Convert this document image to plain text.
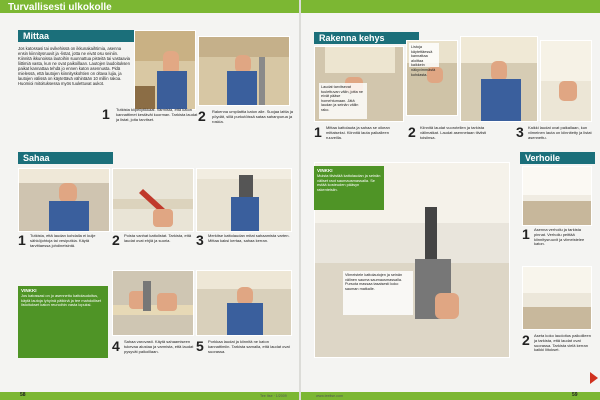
Turvallisesti ulkokolle
Mittaa
Jos katossasi tai ovikehissä on ikkunakaihtimia, asenna ensin kiinnitysruuvit ja -listat, jotta ne eivät osu seiniin. Kiinnitä ikkunoissa lautoihin suunnattua pisteitä tai vastaavia liittimiä vasta, kun ne ovat paikoillaan. Lautojen laudoituksen paikat kannattaa tehdä jo ennen katon asennusta. Pidä mielessä, että lautojen kiinnityskohtien on oltava lujia, ja lautojen välissä on käytettävä vähintään 10 millin rakoa. Huomioi mitoituksessa myös tuulettuvat aukot.
1 Tutkista kiipeilytikkaat. Varmista, että katon kannattimet kestävät kuorman. Tarkista laudat ja listat, joita tarvitset.	2 Rakenna umpilattia katon alle. Suojaa lattia ja pöydät, sillä purkutöissä sataa sahanpurua ja roskia.
Sahaa
1 Tutkista, että laudan kohdalla ei kulje sähköjohtoja tai vesiputkia. Käytä tarvittaessa johdinetsintä.	2 Poista vanhat kattolistat. Tarkista, että laudat ovat ehjiä ja suoria.	3 Merkitse kattolaudan mitat sahaamista varten. Mittaa kaksi kertaa, sahaa kerran.
VINKKI
Jos katossasi on jo asennettu kattolaudoitus, käytä lautoja lyhyinä pätkinä ja tee mahdolliset listoitukset katon reunoihin vasta lopuksi.
4 Sahaa varovasti. Käytä sahaamiseen tukevaa alustaa ja varmista, että laudat pysyvät paikoillaan.	5 Porkkaa laudat ja kiinnitä ne katon kannattimiin. Tarkista samalla, että laudat ovat suorassa.
Tee Itse · 1/2009
58
Rakenna kehys
Laudat tarvitsevat tuulettuvan välin, jotta ne eivät pääse homehtumaan. Jätä laudan ja seinän väliin rako.
Listoja käytettäessä kannattaa aloittaa kaikkein näkyvimmästä kohdasta.
1 Mittaa kattolauta ja sahaa se oikean mittaiseksi. Kiinnitä lauta paikalleen ruuveilla.	2 Kiinnitä laudat vuorotellen ja tarkista välimatkat. Laudat asennetaan tiiviisti toisiinsa.	3 Kaikki laudat ovat paikallaan, kun viimeinen lauta on kiinnitetty ja listat asennettu.
Viimeistele kattolautojen ja seinän välinen sauma saumausmassalla. Pursota massaa tasaisesti koko sauman matkalle.
VINKKI
Muista tiivistää kattolaudan ja seinän väliset raot saumausmassalla. Se estää kosteuden pääsyn rakenteisiin.
Verhoile
1 Asenna verhoilu ja tarkista pinnat. Verhoilu peittää kiinnitysruuvit ja viimeistelee katon.
2 Aseta koko laudoitus paikoilleen ja tarkista, että laudat ovat suorassa. Tarkista vielä kerran kaikki liitokset.
www.teeitse.com	59
